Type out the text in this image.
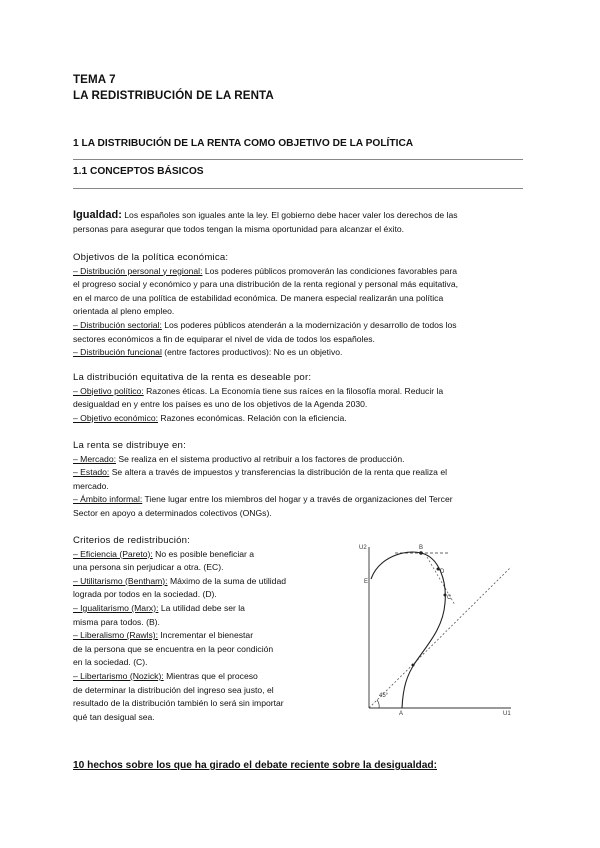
TEMA 7
LA REDISTRIBUCIÓN DE LA RENTA
1 LA DISTRIBUCIÓN DE LA RENTA COMO OBJETIVO DE LA POLÍTICA
1.1 CONCEPTOS BÁSICOS
Igualdad: Los españoles son iguales ante la ley. El gobierno debe hacer valer los derechos de las
personas para asegurar que todos tengan la misma oportunidad para alcanzar el éxito.
Objetivos de la política económica:
– Distribución personal y regional: Los poderes públicos promoverán las condiciones favorables para
el progreso social y económico y para una distribución de la renta regional y personal más equitativa,
en el marco de una política de estabilidad económica. De manera especial realizarán una política
orientada al pleno empleo.
– Distribución sectorial: Los poderes públicos atenderán a la modernización y desarrollo de todos los
sectores económicos a fin de equiparar el nivel de vida de todos los españoles.
– Distribución funcional (entre factores productivos): No es un objetivo.
La distribución equitativa de la renta es deseable por:
– Objetivo político: Razones éticas. La Economía tiene sus raíces en la filosofía moral. Reducir la
desigualdad en y entre los países es uno de los objetivos de la Agenda 2030.
– Objetivo económico: Razones económicas. Relación con la eficiencia.
La renta se distribuye en:
– Mercado: Se realiza en el sistema productivo al retribuir a los factores de producción.
– Estado: Se altera a través de impuestos y transferencias la distribución de la renta que realiza el
mercado.
– Ámbito informal: Tiene lugar entre los miembros del hogar y a través de organizaciones del Tercer
Sector en apoyo a determinados colectivos (ONGs).
Criterios de redistribución:
– Eficiencia (Pareto): No es posible beneficiar a
una persona sin perjudicar a otra. (EC).
– Utilitarismo (Bentham): Máximo de la suma de utilidad
lograda por todos en la sociedad. (D).
– Igualitarismo (Marx): La utilidad debe ser la
misma para todos. (B).
– Liberalismo (Rawls): Incrementar el bienestar
de la persona que se encuentra en la peor condición
en la sociedad. (C).
– Libertarismo (Nozick): Mientras que el proceso
de determinar la distribución del ingreso sea justo, el
resultado de la distribución también lo será sin importar
qué tan desigual sea.
U2
U1
45°
A
B
C
D
E
10 hechos sobre los que ha girado el debate reciente sobre la desigualdad:
